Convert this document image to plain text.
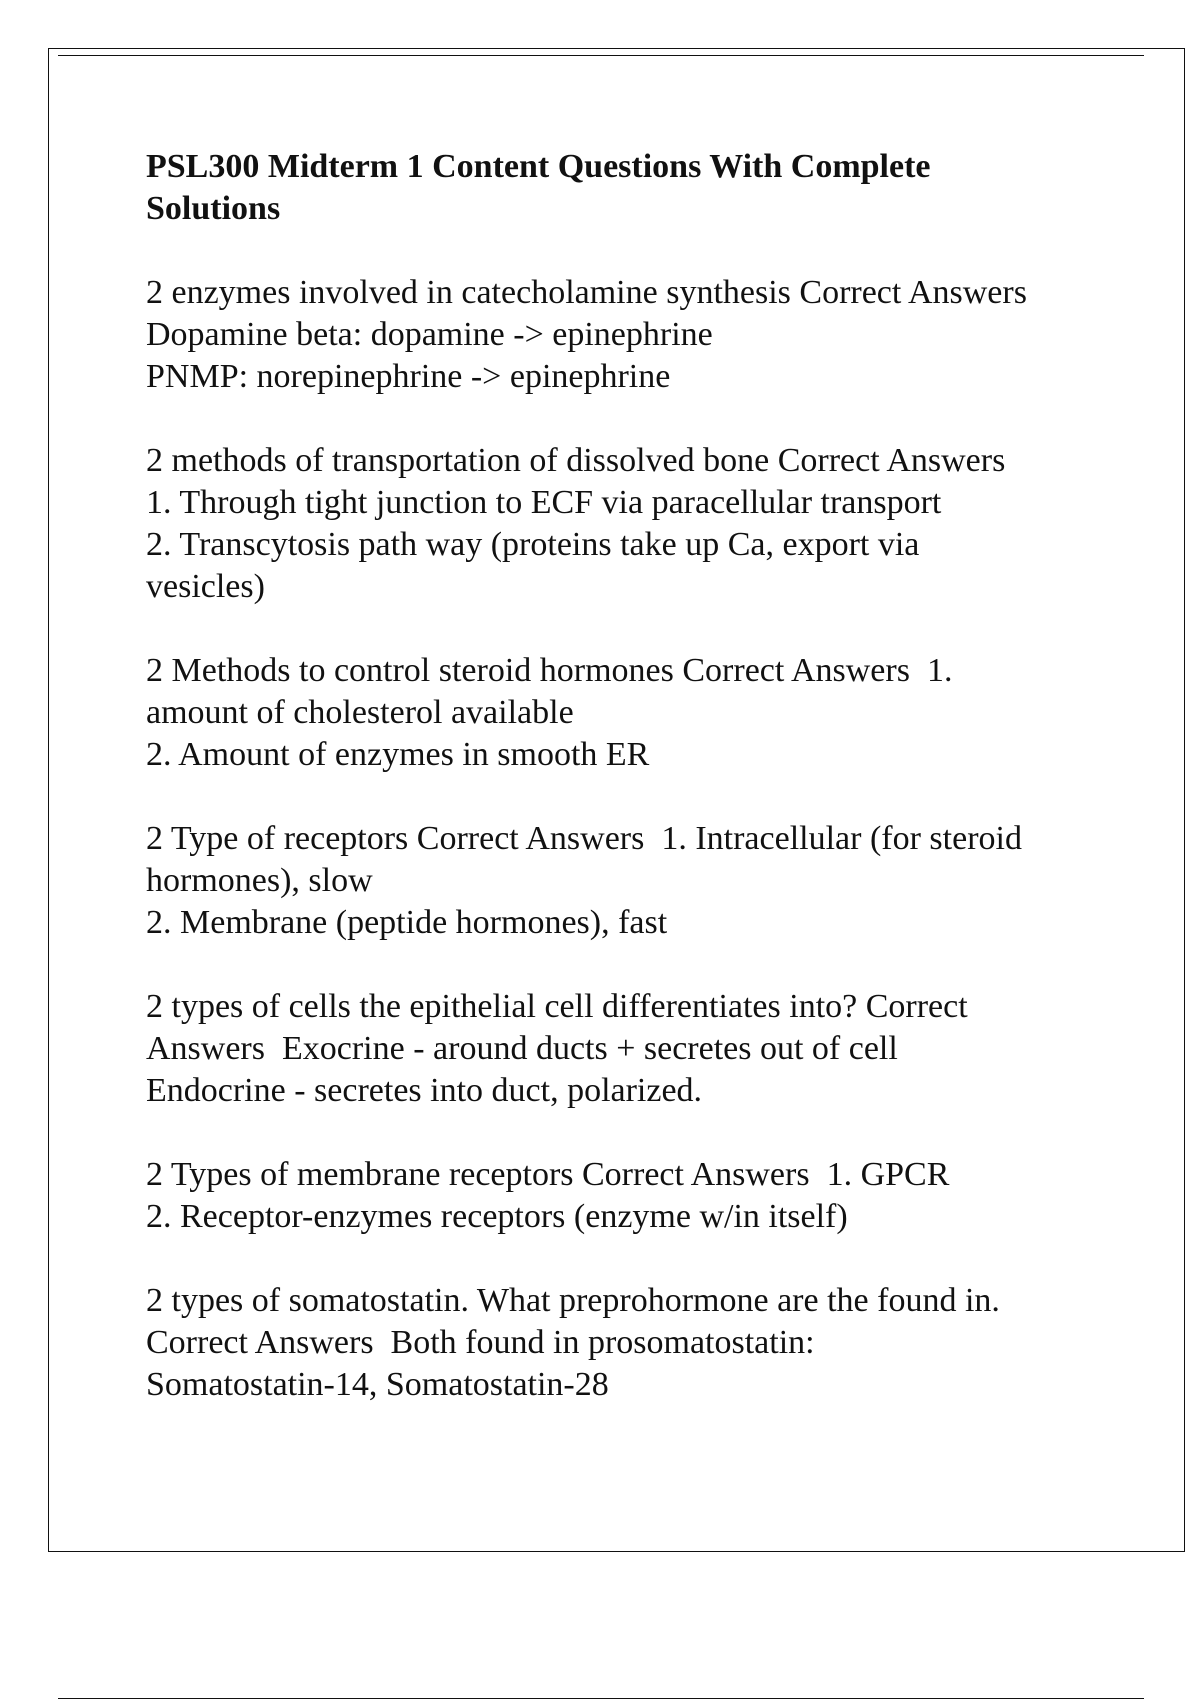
PSL300 Midterm 1 Content Questions With Complete
Solutions
2 enzymes involved in catecholamine synthesis Correct Answers
Dopamine beta: dopamine -> epinephrine
PNMP: norepinephrine -> epinephrine
2 methods of transportation of dissolved bone Correct Answers
1. Through tight junction to ECF via paracellular transport
2. Transcytosis path way (proteins take up Ca, export via
vesicles)
2 Methods to control steroid hormones Correct Answers  1.
amount of cholesterol available
2. Amount of enzymes in smooth ER
2 Type of receptors Correct Answers  1. Intracellular (for steroid
hormones), slow
2. Membrane (peptide hormones), fast
2 types of cells the epithelial cell differentiates into? Correct
Answers  Exocrine - around ducts + secretes out of cell
Endocrine - secretes into duct, polarized.
2 Types of membrane receptors Correct Answers  1. GPCR
2. Receptor-enzymes receptors (enzyme w/in itself)
2 types of somatostatin. What preprohormone are the found in.
Correct Answers  Both found in prosomatostatin:
Somatostatin-14, Somatostatin-28
